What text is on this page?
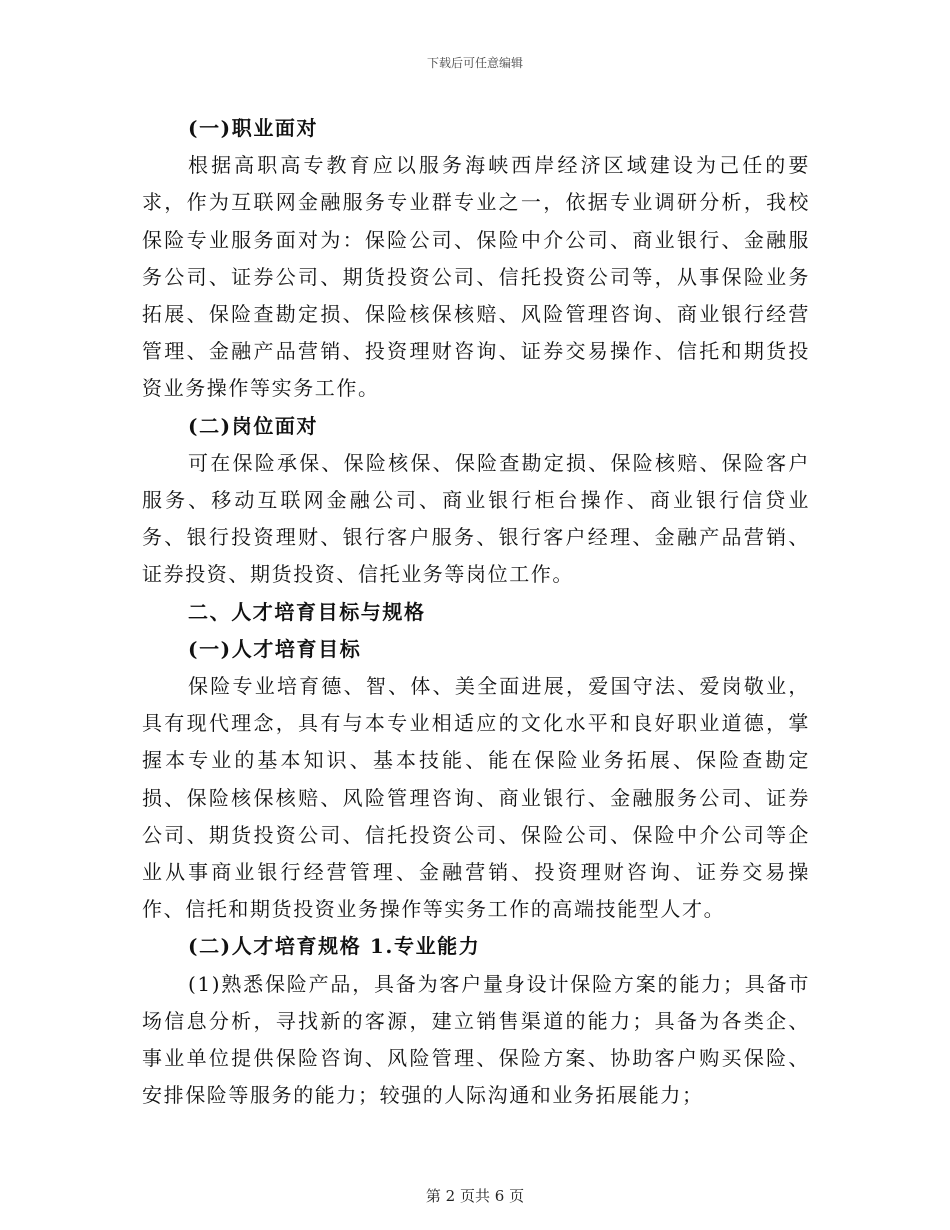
下载后可任意编辑

(一)职业面对

根据高职高专教育应以服务海峡西岸经济区域建设为己任的要求，作为互联网金融服务专业群专业之一，依据专业调研分析，我校保险专业服务面对为：保险公司、保险中介公司、商业银行、金融服务公司、证券公司、期货投资公司、信托投资公司等，从事保险业务拓展、保险查勘定损、保险核保核赔、风险管理咨询、商业银行经营管理、金融产品营销、投资理财咨询、证券交易操作、信托和期货投资业务操作等实务工作。

(二)岗位面对

可在保险承保、保险核保、保险查勘定损、保险核赔、保险客户服务、移动互联网金融公司、商业银行柜台操作、商业银行信贷业务、银行投资理财、银行客户服务、银行客户经理、金融产品营销、证券投资、期货投资、信托业务等岗位工作。

二、人才培育目标与规格

(一)人才培育目标

保险专业培育德、智、体、美全面进展，爱国守法、爱岗敬业，具有现代理念，具有与本专业相适应的文化水平和良好职业道德，掌握本专业的基本知识、基本技能、能在保险业务拓展、保险查勘定损、保险核保核赔、风险管理咨询、商业银行、金融服务公司、证券公司、期货投资公司、信托投资公司、保险公司、保险中介公司等企业从事商业银行经营管理、金融营销、投资理财咨询、证券交易操作、信托和期货投资业务操作等实务工作的高端技能型人才。

(二)人才培育规格 1.专业能力

(1)熟悉保险产品，具备为客户量身设计保险方案的能力；具备市场信息分析，寻找新的客源，建立销售渠道的能力；具备为各类企、事业单位提供保险咨询、风险管理、保险方案、协助客户购买保险、安排保险等服务的能力；较强的人际沟通和业务拓展能力；

第 2 页共 6 页
